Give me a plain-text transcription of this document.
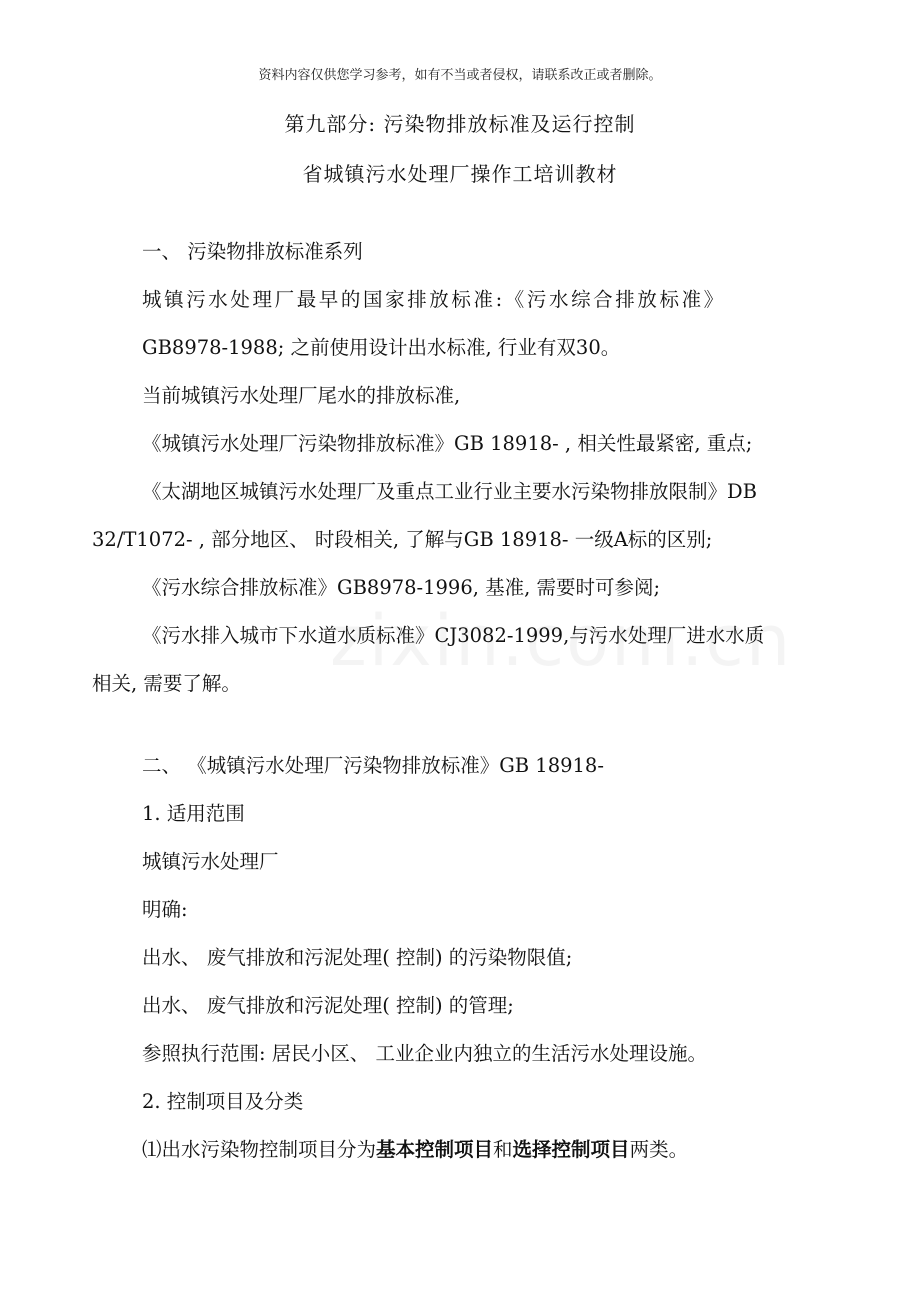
资料内容仅供您学习参考，如有不当或者侵权，请联系改正或者删除。
第九部分: 污染物排放标准及运行控制
省城镇污水处理厂操作工培训教材
一、 污染物排放标准系列
城镇污水处理厂最早的国家排放标准:《污水综合排放标准》
GB8978-1988; 之前使用设计出水标准, 行业有双30。
当前城镇污水处理厂尾水的排放标准,
《城镇污水处理厂污染物排放标准》GB 18918- , 相关性最紧密, 重点;
《太湖地区城镇污水处理厂及重点工业行业主要水污染物排放限制》DB
32/T1072- , 部分地区、 时段相关, 了解与GB 18918- 一级A标的区别;
《污水综合排放标准》GB8978-1996, 基准, 需要时可参阅;
《污水排入城市下水道水质标准》CJ3082-1999,与污水处理厂进水水质
相关, 需要了解。
二、 《城镇污水处理厂污染物排放标准》GB 18918-
1. 适用范围
城镇污水处理厂
明确:
出水、 废气排放和污泥处理( 控制) 的污染物限值;
出水、 废气排放和污泥处理( 控制) 的管理;
参照执行范围: 居民小区、 工业企业内独立的生活污水处理设施。
2. 控制项目及分类
⑴出水污染物控制项目分为基本控制项目和选择控制项目两类。
